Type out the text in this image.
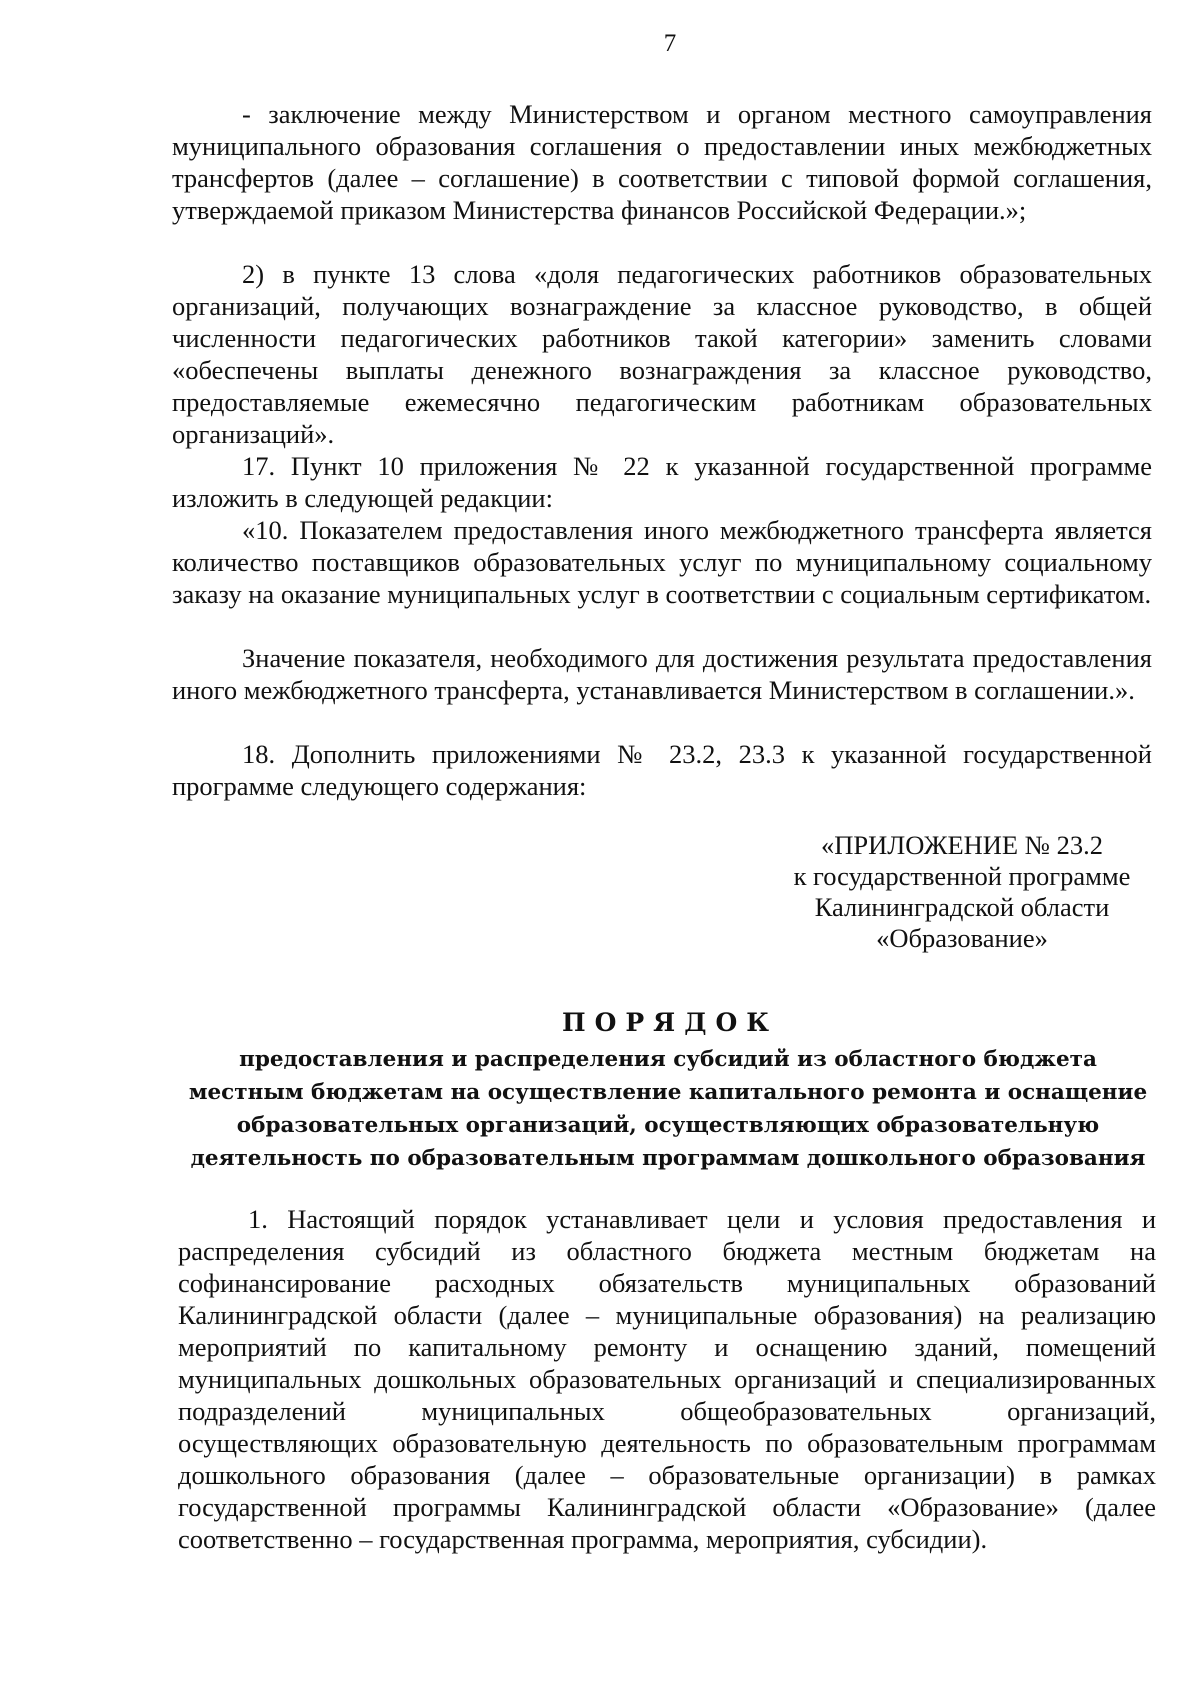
7

- заключение между Министерством и органом местного самоуправления муниципального образования соглашения о предоставлении иных межбюджетных трансфертов (далее – соглашение) в соответствии с типовой формой соглашения, утверждаемой приказом Министерства финансов Российской Федерации.»;

2) в пункте 13 слова «доля педагогических работников образовательных организаций, получающих вознаграждение за классное руководство, в общей численности педагогических работников такой категории» заменить словами «обеспечены выплаты денежного вознаграждения за классное руководство, предоставляемые ежемесячно педагогическим работникам образовательных организаций».

17. Пункт 10 приложения № 22 к указанной государственной программе изложить в следующей редакции:

«10. Показателем предоставления иного межбюджетного трансферта является количество поставщиков образовательных услуг по муниципальному социальному заказу на оказание муниципальных услуг в соответствии с социальным сертификатом.

Значение показателя, необходимого для достижения результата предоставления иного межбюджетного трансферта, устанавливается Министерством в соглашении.».

18. Дополнить приложениями № 23.2, 23.3 к указанной государственной программе следующего содержания:

«ПРИЛОЖЕНИЕ № 23.2
к государственной программе
Калининградской области
«Образование»
ПОРЯДОК
предоставления и распределения субсидий из областного бюджета местным бюджетам на осуществление капитального ремонта и оснащение образовательных организаций, осуществляющих образовательную деятельность по образовательным программам дошкольного образования

1. Настоящий порядок устанавливает цели и условия предоставления и распределения субсидий из областного бюджета местным бюджетам на софинансирование расходных обязательств муниципальных образований Калининградской области (далее – муниципальные образования) на реализацию мероприятий по капитальному ремонту и оснащению зданий, помещений муниципальных дошкольных образовательных организаций и специализированных подразделений муниципальных общеобразовательных организаций, осуществляющих образовательную деятельность по образовательным программам дошкольного образования (далее – образовательные организации) в рамках государственной программы Калининградской области «Образование» (далее соответственно – государственная программа, мероприятия, субсидии).
